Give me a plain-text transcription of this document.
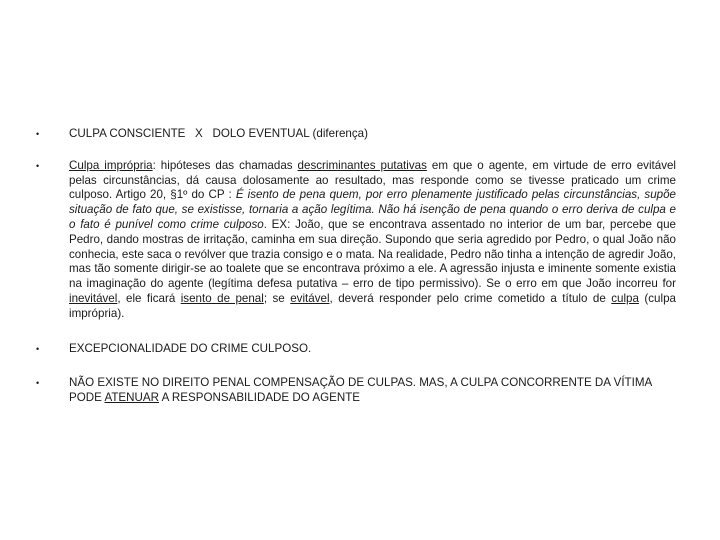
•	CULPA CONSCIENTE   X   DOLO EVENTUAL (diferença)
•	Culpa imprópria: hipóteses das chamadas descriminantes putativas em que o agente, em virtude de erro evitável pelas circunstâncias, dá causa dolosamente ao resultado, mas responde como se tivesse praticado um crime culposo. Artigo 20, §1º do CP : É isento de pena quem, por erro plenamente justificado pelas circunstâncias, supõe situação de fato que, se existisse, tornaria a ação legítima. Não há isenção de pena quando o erro deriva de culpa e o fato é punível como crime culposo. EX: João, que se encontrava assentado no interior de um bar, percebe que Pedro, dando mostras de irritação, caminha em sua direção. Supondo que seria agredido por Pedro, o qual João não conhecia, este saca o revólver que trazia consigo e o mata. Na realidade, Pedro não tinha a intenção de agredir João, mas tão somente dirigir-se ao toalete que se encontrava próximo a ele. A agressão injusta e iminente somente existia na imaginação do agente (legítima defesa putativa – erro de tipo permissivo). Se o erro em que João incorreu for inevitável, ele ficará isento de penal; se evitável, deverá responder pelo crime cometido a título de culpa (culpa imprópria).
•	EXCEPCIONALIDADE DO CRIME CULPOSO.
•	NÃO EXISTE NO DIREITO PENAL COMPENSAÇÃO DE CULPAS. MAS, A CULPA CONCORRENTE DA VÍTIMA PODE ATENUAR A RESPONSABILIDADE DO AGENTE
